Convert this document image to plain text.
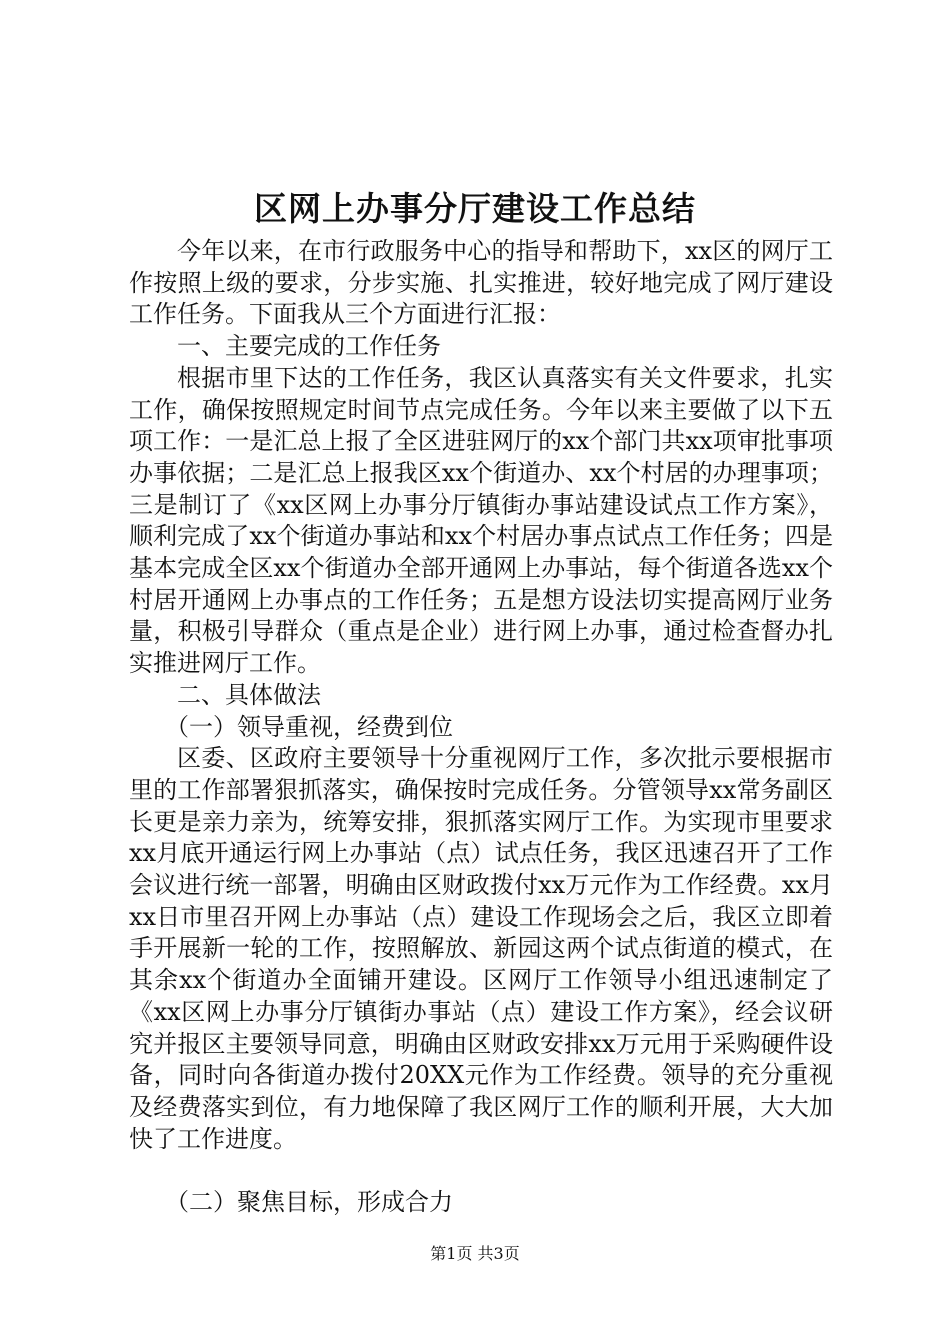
区网上办事分厅建设工作总结

今年以来，在市行政服务中心的指导和帮助下，xx区的网厅工作按照上级的要求，分步实施、扎实推进，较好地完成了网厅建设工作任务。下面我从三个方面进行汇报：

一、主要完成的工作任务

根据市里下达的工作任务，我区认真落实有关文件要求，扎实工作，确保按照规定时间节点完成任务。今年以来主要做了以下五项工作：一是汇总上报了全区进驻网厅的xx个部门共xx项审批事项办事依据；二是汇总上报我区xx个街道办、xx个村居的办理事项；三是制订了《xx区网上办事分厅镇街办事站建设试点工作方案》，顺利完成了xx个街道办事站和xx个村居办事点试点工作任务；四是基本完成全区xx个街道办全部开通网上办事站，每个街道各选xx个村居开通网上办事点的工作任务；五是想方设法切实提高网厅业务量，积极引导群众（重点是企业）进行网上办事，通过检查督办扎实推进网厅工作。

二、具体做法

（一）领导重视，经费到位

区委、区政府主要领导十分重视网厅工作，多次批示要根据市里的工作部署狠抓落实，确保按时完成任务。分管领导xx常务副区长更是亲力亲为，统筹安排，狠抓落实网厅工作。为实现市里要求xx月底开通运行网上办事站（点）试点任务，我区迅速召开了工作会议进行统一部署，明确由区财政拨付xx万元作为工作经费。xx月xx日市里召开网上办事站（点）建设工作现场会之后，我区立即着手开展新一轮的工作，按照解放、新园这两个试点街道的模式，在其余xx个街道办全面铺开建设。区网厅工作领导小组迅速制定了《xx区网上办事分厅镇街办事站（点）建设工作方案》，经会议研究并报区主要领导同意，明确由区财政安排xx万元用于采购硬件设备，同时向各街道办拨付20XX元作为工作经费。领导的充分重视及经费落实到位，有力地保障了我区网厅工作的顺利开展，大大加快了工作进度。

（二）聚焦目标，形成合力

第1页 共3页
